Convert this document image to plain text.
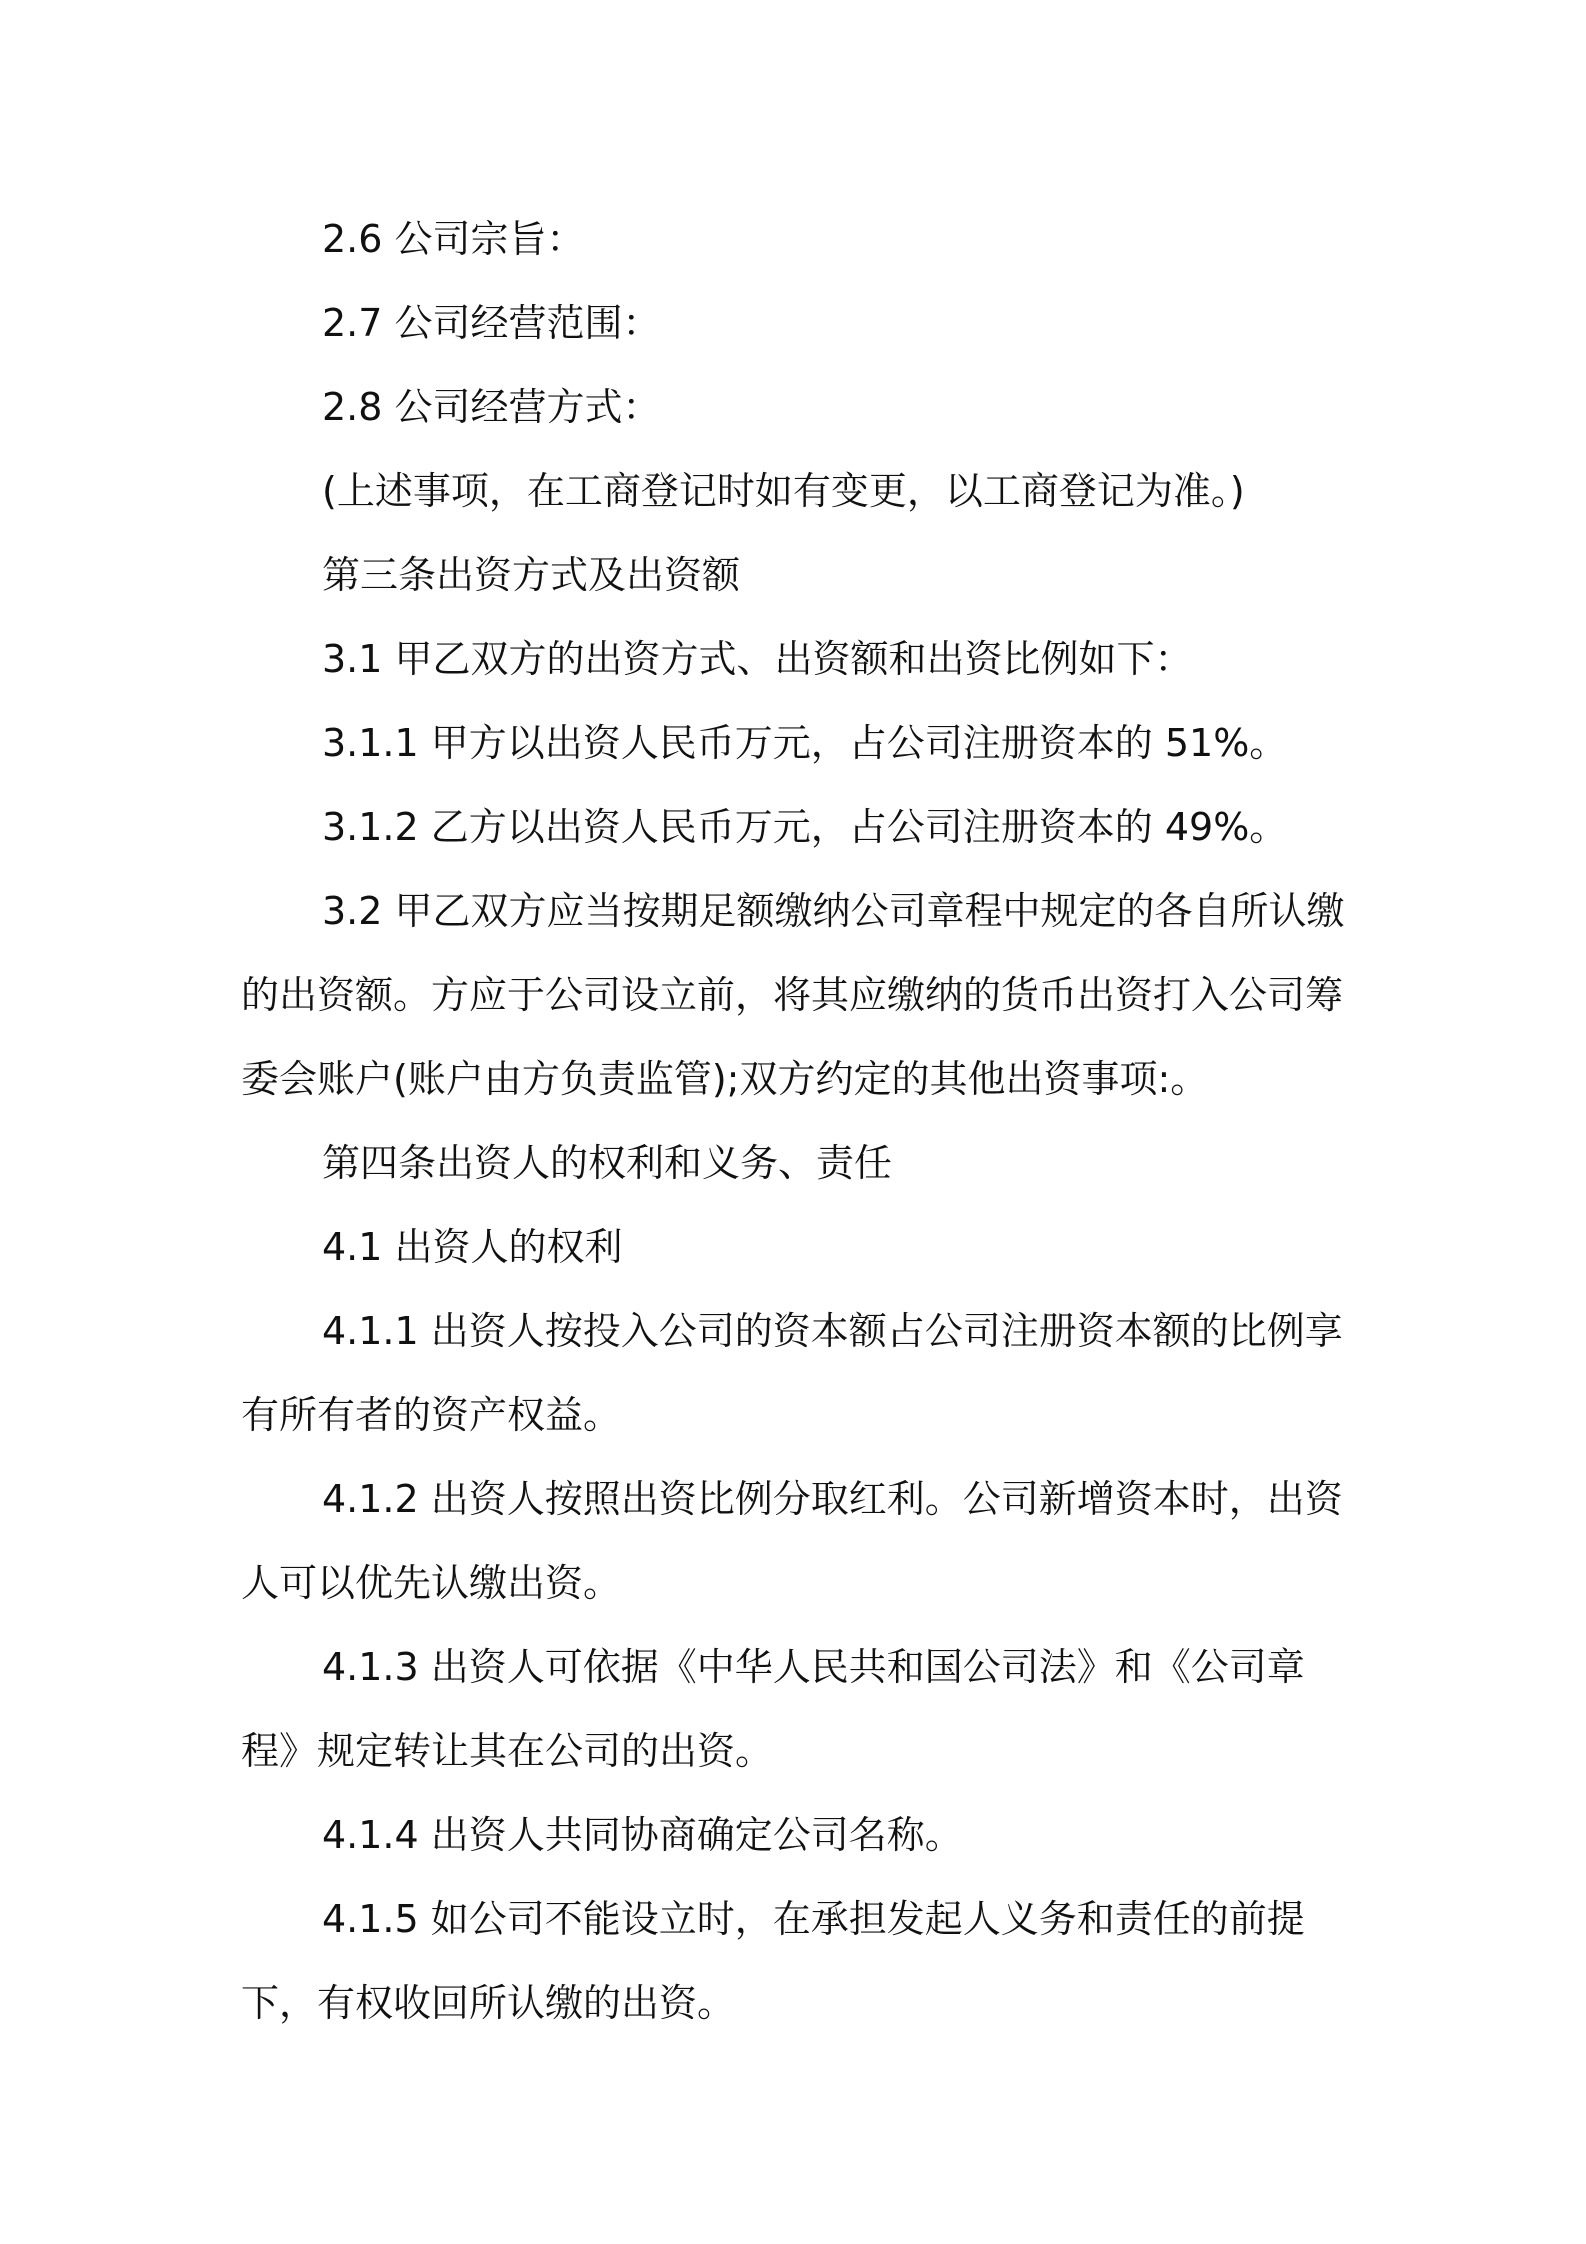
2.6 公司宗旨：

2.7 公司经营范围：

2.8 公司经营方式：

(上述事项，在工商登记时如有变更，以工商登记为准。)

第三条出资方式及出资额

3.1 甲乙双方的出资方式、出资额和出资比例如下：

3.1.1 甲方以出资人民币万元，占公司注册资本的 51%。

3.1.2 乙方以出资人民币万元，占公司注册资本的 49%。

3.2 甲乙双方应当按期足额缴纳公司章程中规定的各自所认缴的出资额。方应于公司设立前，将其应缴纳的货币出资打入公司筹委会账户(账户由方负责监管);双方约定的其他出资事项:。

第四条出资人的权利和义务、责任

4.1 出资人的权利

4.1.1 出资人按投入公司的资本额占公司注册资本额的比例享有所有者的资产权益。

4.1.2 出资人按照出资比例分取红利。公司新增资本时，出资人可以优先认缴出资。

4.1.3 出资人可依据《中华人民共和国公司法》和《公司章程》规定转让其在公司的出资。

4.1.4 出资人共同协商确定公司名称。

4.1.5 如公司不能设立时，在承担发起人义务和责任的前提下，有权收回所认缴的出资。
